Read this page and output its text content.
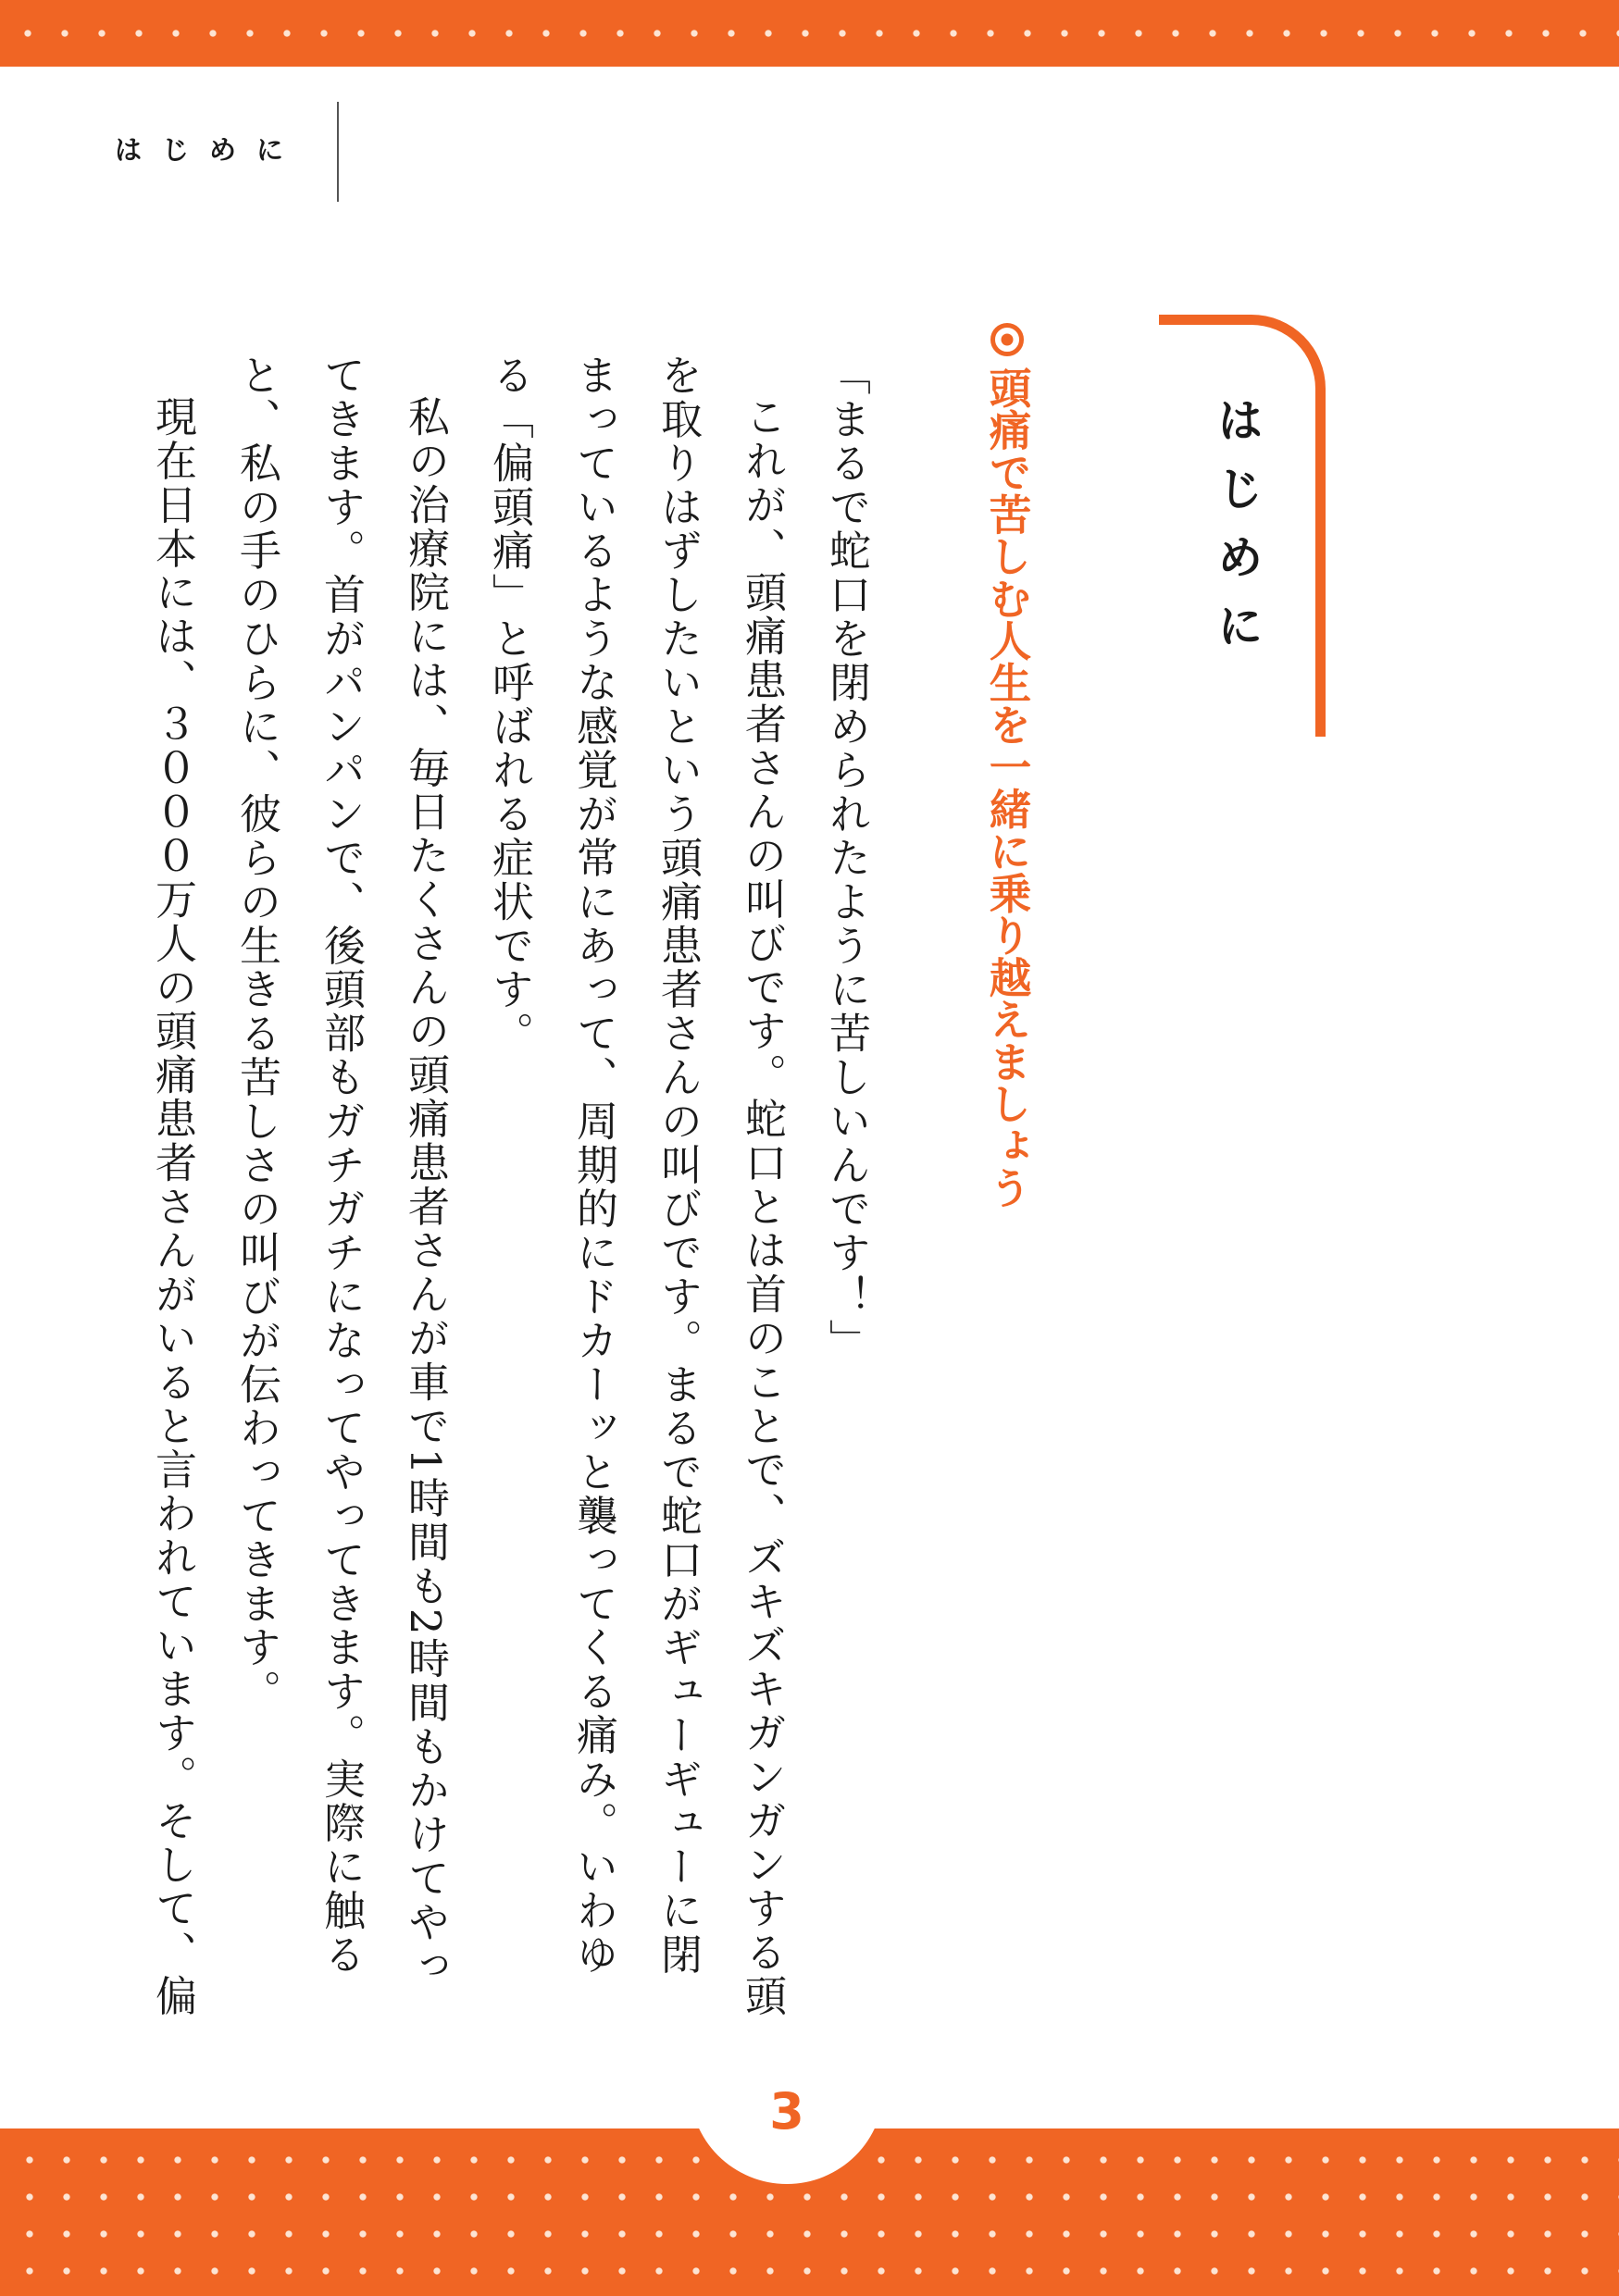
はじめに
はじめに
頭痛で苦しむ人生を一緒に乗り越えましょう

「まるで蛇口を閉められたように苦しいんです！」

これが、頭痛患者さんの叫びです。蛇口とは首のことで、ズキズキガンガンする頭を取りはずしたいという頭痛患者さんの叫びです。まるで蛇口がギューギューに閉まっているような感覚が常にあって、周期的にドカーッと襲ってくる痛み。いわゆる「偏頭痛」と呼ばれる症状です。

私の治療院には、毎日たくさんの頭痛患者さんが車で1時間も2時間もかけてやってきます。首がパンパンで、後頭部もガチガチになってやってきます。実際に触ると、私の手のひらに、彼らの生きる苦しさの叫びが伝わってきます。

現在日本には、３０００万人の頭痛患者さんがいると言われています。そして、偏

3
